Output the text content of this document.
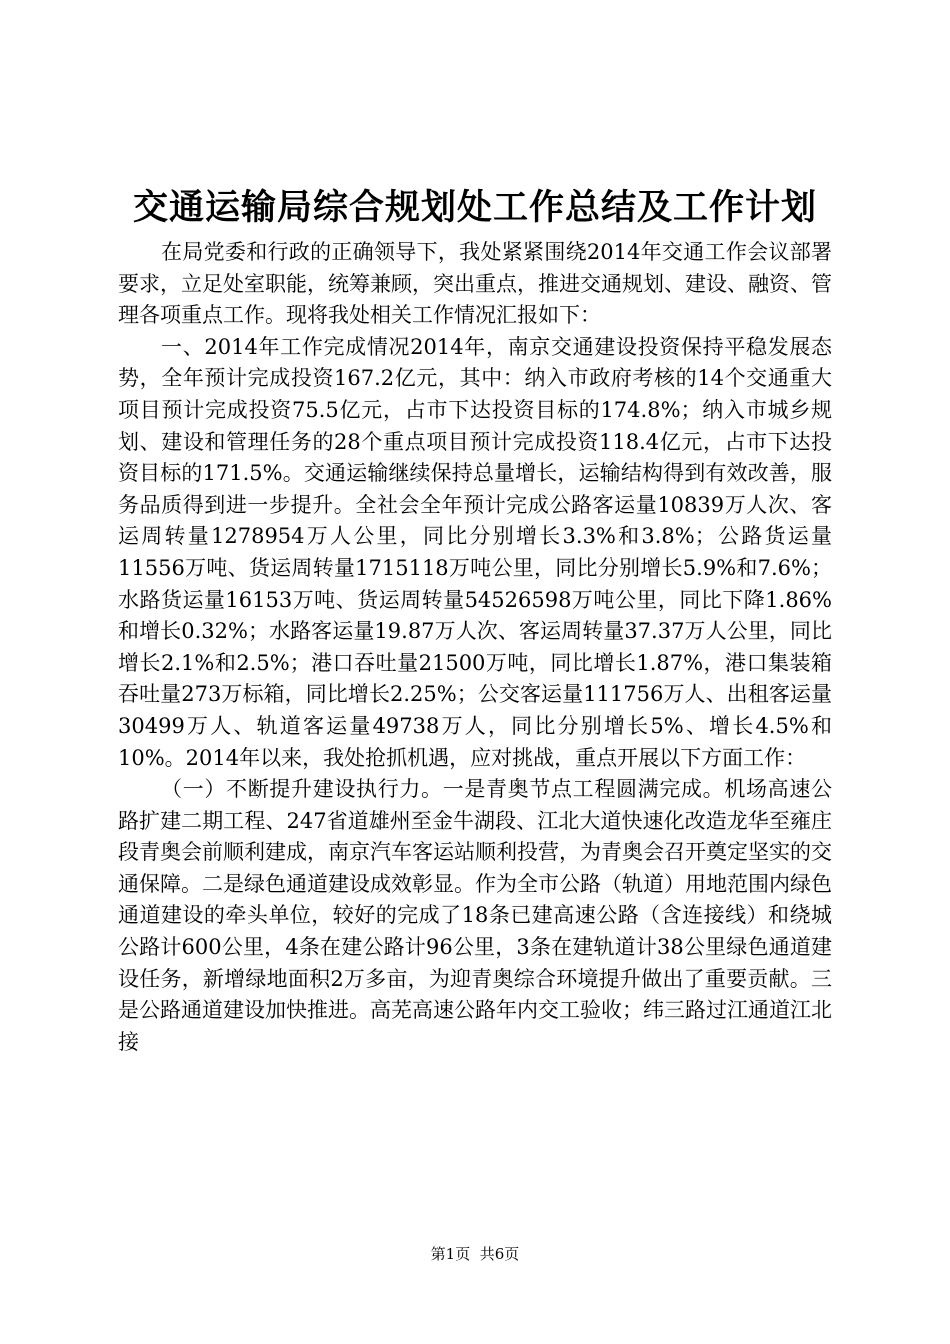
交通运输局综合规划处工作总结及工作计划

在局党委和行政的正确领导下，我处紧紧围绕2014年交通工作会议部署要求，立足处室职能，统筹兼顾，突出重点，推进交通规划、建设、融资、管理各项重点工作。现将我处相关工作情况汇报如下：

一、2014年工作完成情况2014年，南京交通建设投资保持平稳发展态势，全年预计完成投资167.2亿元，其中：纳入市政府考核的14个交通重大项目预计完成投资75.5亿元，占市下达投资目标的174.8%；纳入市城乡规划、建设和管理任务的28个重点项目预计完成投资118.4亿元，占市下达投资目标的171.5%。交通运输继续保持总量增长，运输结构得到有效改善，服务品质得到进一步提升。全社会全年预计完成公路客运量10839万人次、客运周转量1278954万人公里，同比分别增长3.3%和3.8%；公路货运量11556万吨、货运周转量1715118万吨公里，同比分别增长5.9%和7.6%；水路货运量16153万吨、货运周转量54526598万吨公里，同比下降1.86%和增长0.32%；水路客运量19.87万人次、客运周转量37.37万人公里，同比增长2.1%和2.5%；港口吞吐量21500万吨，同比增长1.87%，港口集装箱吞吐量273万标箱，同比增长2.25%；公交客运量111756万人、出租客运量30499万人、轨道客运量49738万人，同比分别增长5%、增长4.5%和10%。2014年以来，我处抢抓机遇，应对挑战，重点开展以下方面工作：

（一）不断提升建设执行力。一是青奥节点工程圆满完成。机场高速公路扩建二期工程、247省道雄州至金牛湖段、江北大道快速化改造龙华至雍庄段青奥会前顺利建成，南京汽车客运站顺利投营，为青奥会召开奠定坚实的交通保障。二是绿色通道建设成效彰显。作为全市公路（轨道）用地范围内绿色通道建设的牵头单位，较好的完成了18条已建高速公路（含连接线）和绕城公路计600公里，4条在建公路计96公里，3条在建轨道计38公里绿色通道建设任务，新增绿地面积2万多亩，为迎青奥综合环境提升做出了重要贡献。三是公路通道建设加快推进。高芜高速公路年内交工验收；纬三路过江通道江北接

第1页 共6页
